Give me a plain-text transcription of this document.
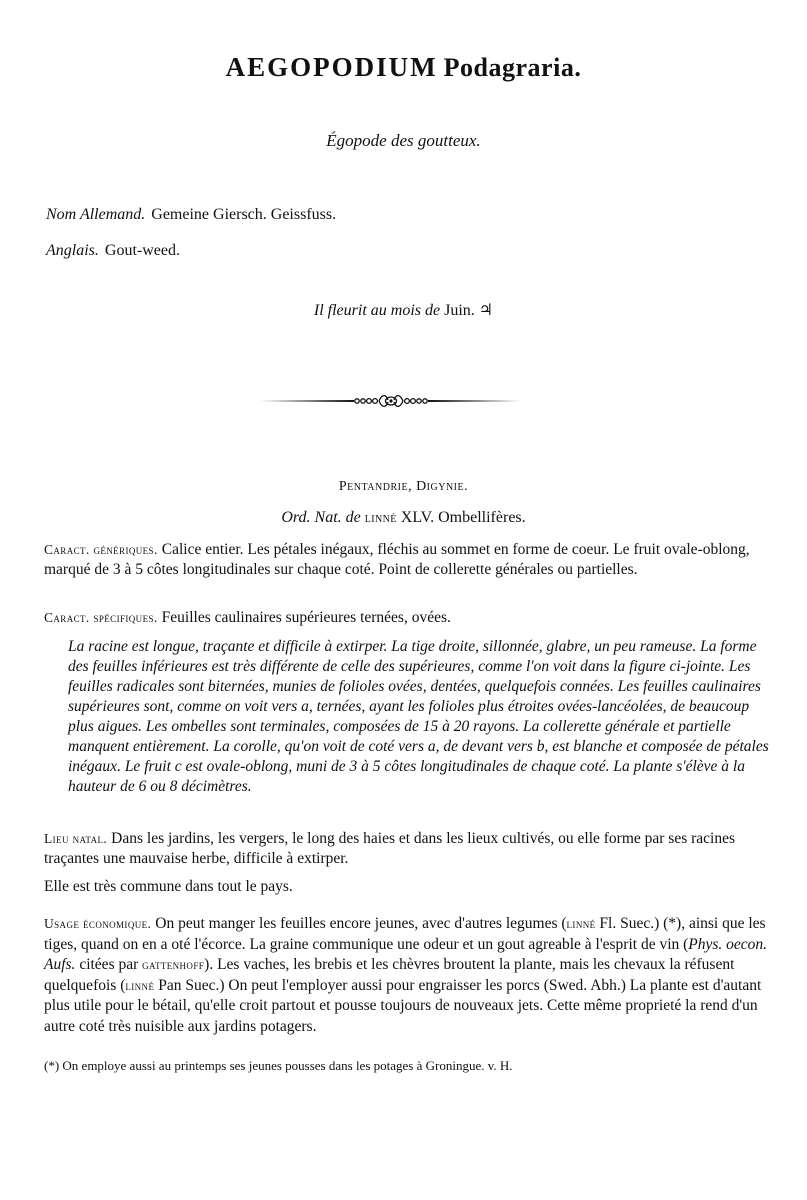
AEGOPODIUM Podagraria.
Égopode des goutteux.
Nom Allemand. Gemeine Giersch. Geissfuss.
Anglais. Gout-weed.
Il fleurit au mois de Juin. ♃
Pentandrie, Digynie.
Ord. Nat. de linné XLV. Ombellifères.
Caract. génériques. Calice entier. Les pétales inégaux, fléchis au sommet en forme de coeur. Le fruit ovale-oblong, marqué de 3 à 5 côtes longitudinales sur chaque coté. Point de collerette générales ou partielles.
Caract. spécifiques. Feuilles caulinaires supérieures ternées, ovées.
La racine est longue, traçante et difficile à extirper. La tige droite, sillonnée, glabre, un peu rameuse. La forme des feuilles inférieures est très différente de celle des supérieures, comme l'on voit dans la figure ci-jointe. Les feuilles radicales sont biternées, munies de folioles ovées, dentées, quelquefois connées. Les feuilles caulinaires supérieures sont, comme on voit vers a, ternées, ayant les folioles plus étroites ovées-lancéolées, de beaucoup plus aigues. Les ombelles sont terminales, composées de 15 à 20 rayons. La collerette générale et partielle manquent entièrement. La corolle, qu'on voit de coté vers a, de devant vers b, est blanche et composée de pétales inégaux. Le fruit c est ovale-oblong, muni de 3 à 5 côtes longitudinales de chaque coté. La plante s'élève à la hauteur de 6 ou 8 décimètres.
Lieu natal. Dans les jardins, les vergers, le long des haies et dans les lieux cultivés, ou elle forme par ses racines traçantes une mauvaise herbe, difficile à extirper.
Elle est très commune dans tout le pays.
Usage économique. On peut manger les feuilles encore jeunes, avec d'autres legumes (linné Fl. Suec.) (*), ainsi que les tiges, quand on en a oté l'écorce. La graine communique une odeur et un gout agreable à l'esprit de vin (Phys. oecon. Aufs. citées par gattenhoff). Les vaches, les brebis et les chèvres broutent la plante, mais les chevaux la réfusent quelquefois (linné Pan Suec.) On peut l'employer aussi pour engraisser les porcs (Swed. Abh.) La plante est d'autant plus utile pour le bétail, qu'elle croit partout et pousse toujours de nouveaux jets. Cette même proprieté la rend d'un autre coté très nuisible aux jardins potagers.
(*) On employe aussi au printemps ses jeunes pousses dans les potages à Groningue. v. H.
